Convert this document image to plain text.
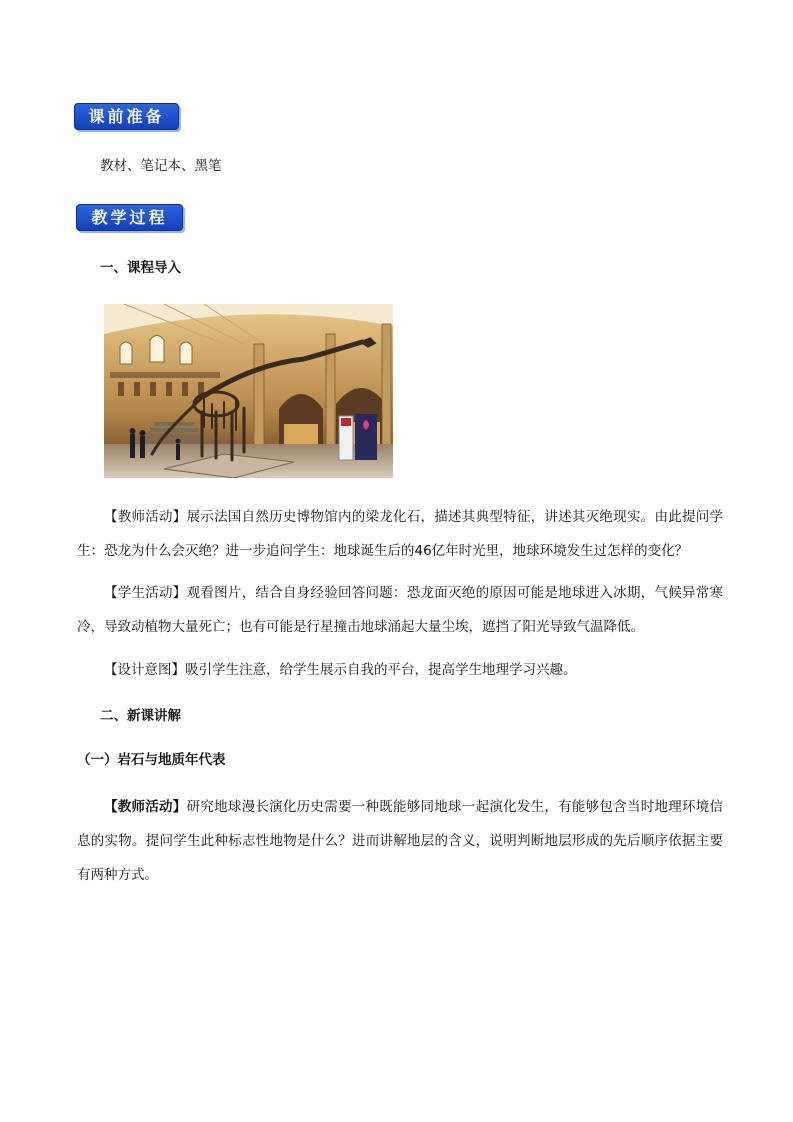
课前准备
教材、笔记本、黑笔
教学过程
一、课程导入
【教师活动】展示法国自然历史博物馆内的梁龙化石，描述其典型特征，讲述其灭绝现实。由此提问学生：恐龙为什么会灭绝？进一步追问学生：地球诞生后的46亿年时光里，地球环境发生过怎样的变化？
【学生活动】观看图片，结合自身经验回答问题：恐龙面灭绝的原因可能是地球进入冰期，气候异常寒冷，导致动植物大量死亡；也有可能是行星撞击地球涌起大量尘埃，遮挡了阳光导致气温降低。
【设计意图】吸引学生注意，给学生展示自我的平台，提高学生地理学习兴趣。
二、新课讲解
（一）岩石与地质年代表
【教师活动】研究地球漫长演化历史需要一种既能够同地球一起演化发生，有能够包含当时地理环境信息的实物。提问学生此种标志性地物是什么？进而讲解地层的含义，说明判断地层形成的先后顺序依据主要有两种方式。
